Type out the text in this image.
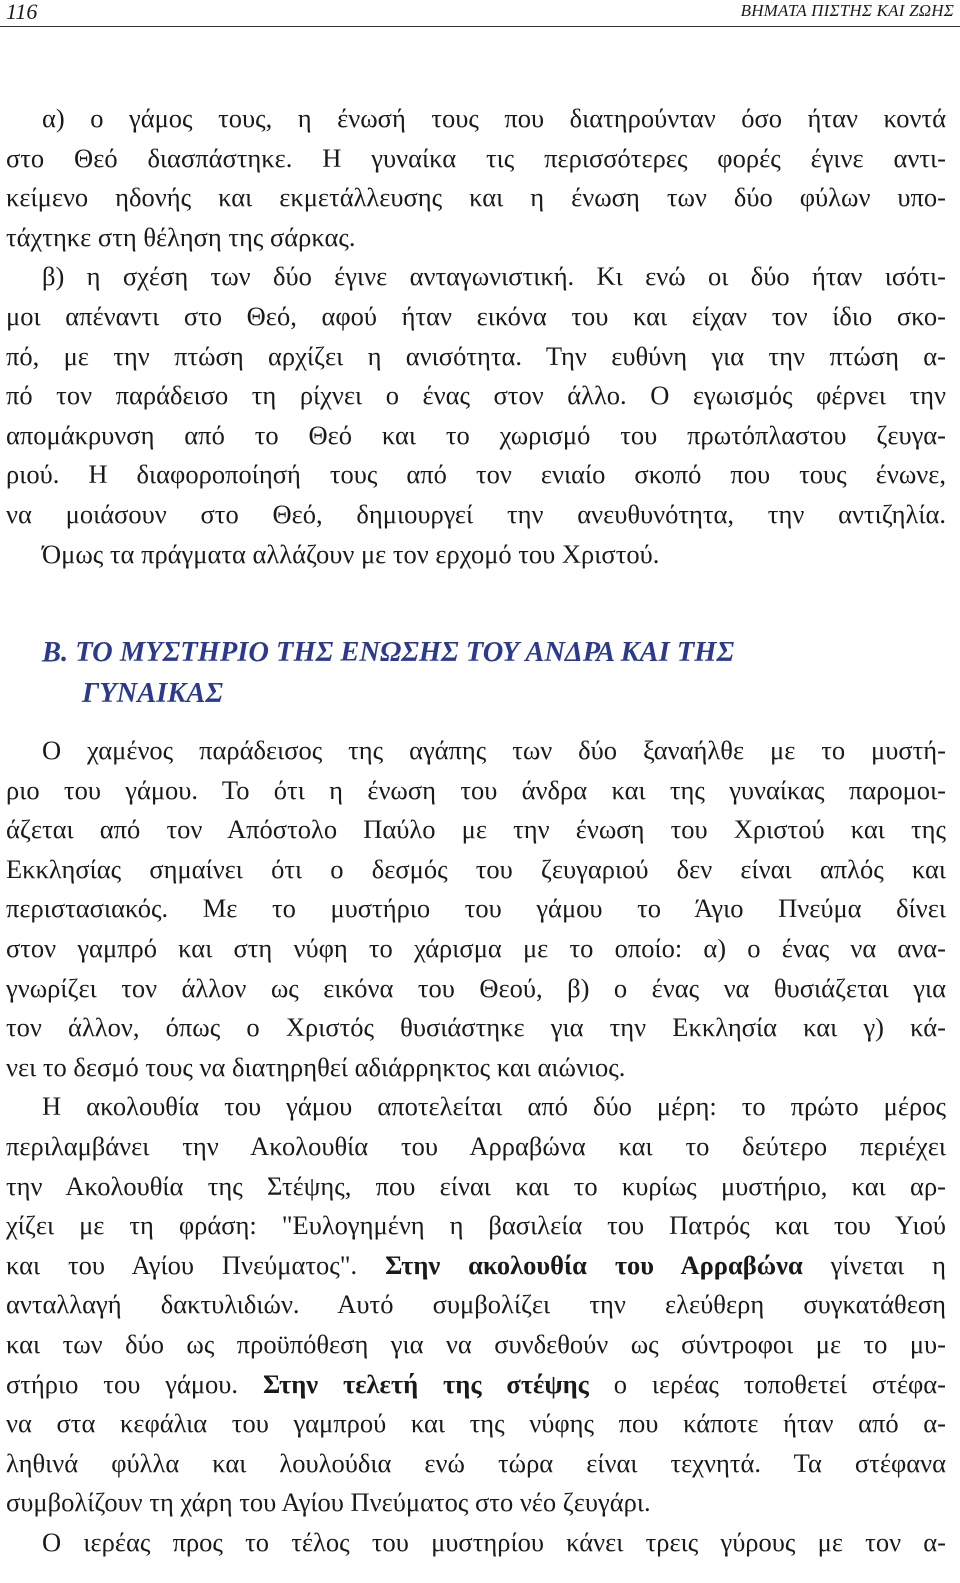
116	ΒΗΜΑΤΑ ΠΙΣΤΗΣ ΚΑΙ ΖΩΗΣ
α) ο γάμος τους, η ένωσή τους που διατηρούνταν όσο ήταν κοντά
στο Θεό διασπάστηκε. Η γυναίκα τις περισσότερες φορές έγινε αντι-
κείμενο ηδονής και εκμετάλλευσης και η ένωση των δύο φύλων υπο-
τάχτηκε στη θέληση της σάρκας.
β) η σχέση των δύο έγινε ανταγωνιστική. Κι ενώ οι δύο ήταν ισότι-
μοι απέναντι στο Θεό, αφού ήταν εικόνα του και είχαν τον ίδιο σκο-
πό, με την πτώση αρχίζει η ανισότητα. Την ευθύνη για την πτώση α-
πό τον παράδεισο τη ρίχνει ο ένας στον άλλο. Ο εγωισμός φέρνει την
απομάκρυνση από το Θεό και το χωρισμό του πρωτόπλαστου ζευγα-
ριού. Η διαφοροποίησή τους από τον ενιαίο σκοπό που τους ένωνε,
να μοιάσουν στο Θεό, δημιουργεί την ανευθυνότητα, την αντιζηλία.
Όμως τα πράγματα αλλάζουν με τον ερχομό του Χριστού.
Β. ΤΟ ΜΥΣΤΗΡΙΟ ΤΗΣ ΕΝΩΣΗΣ ΤΟΥ ΑΝΔΡΑ ΚΑΙ ΤΗΣ
ΓΥΝΑΙΚΑΣ
Ο χαμένος παράδεισος της αγάπης των δύο ξαναήλθε με το μυστή-
ριο του γάμου. Το ότι η ένωση του άνδρα και της γυναίκας παρομοι-
άζεται από τον Απόστολο Παύλο με την ένωση του Χριστού και της
Εκκλησίας σημαίνει ότι ο δεσμός του ζευγαριού δεν είναι απλός και
περιστασιακός. Με το μυστήριο του γάμου το Άγιο Πνεύμα δίνει
στον γαμπρό και στη νύφη το χάρισμα με το οποίο: α) ο ένας να ανα-
γνωρίζει τον άλλον ως εικόνα του Θεού, β) ο ένας να θυσιάζεται για
τον άλλον, όπως ο Χριστός θυσιάστηκε για την Εκκλησία και γ) κά-
νει το δεσμό τους να διατηρηθεί αδιάρρηκτος και αιώνιος.
Η ακολουθία του γάμου αποτελείται από δύο μέρη: το πρώτο μέρος
περιλαμβάνει την Ακολουθία του Αρραβώνα και το δεύτερο περιέχει
την Ακολουθία της Στέψης, που είναι και το κυρίως μυστήριο, και αρ-
χίζει με τη φράση: "Ευλογημένη η βασιλεία του Πατρός και του Υιού
και του Αγίου Πνεύματος". Στην ακολουθία του Αρραβώνα γίνεται η
ανταλλαγή δακτυλιδιών. Αυτό συμβολίζει την ελεύθερη συγκατάθεση
και των δύο ως προϋπόθεση για να συνδεθούν ως σύντροφοι με το μυ-
στήριο του γάμου. Στην τελετή της στέψης ο ιερέας τοποθετεί στέφα-
να στα κεφάλια του γαμπρού και της νύφης που κάποτε ήταν από α-
ληθινά φύλλα και λουλούδια ενώ τώρα είναι τεχνητά. Τα στέφανα
συμβολίζουν τη χάρη του Αγίου Πνεύματος στο νέο ζευγάρι.
Ο ιερέας προς το τέλος του μυστηρίου κάνει τρεις γύρους με τον α-
